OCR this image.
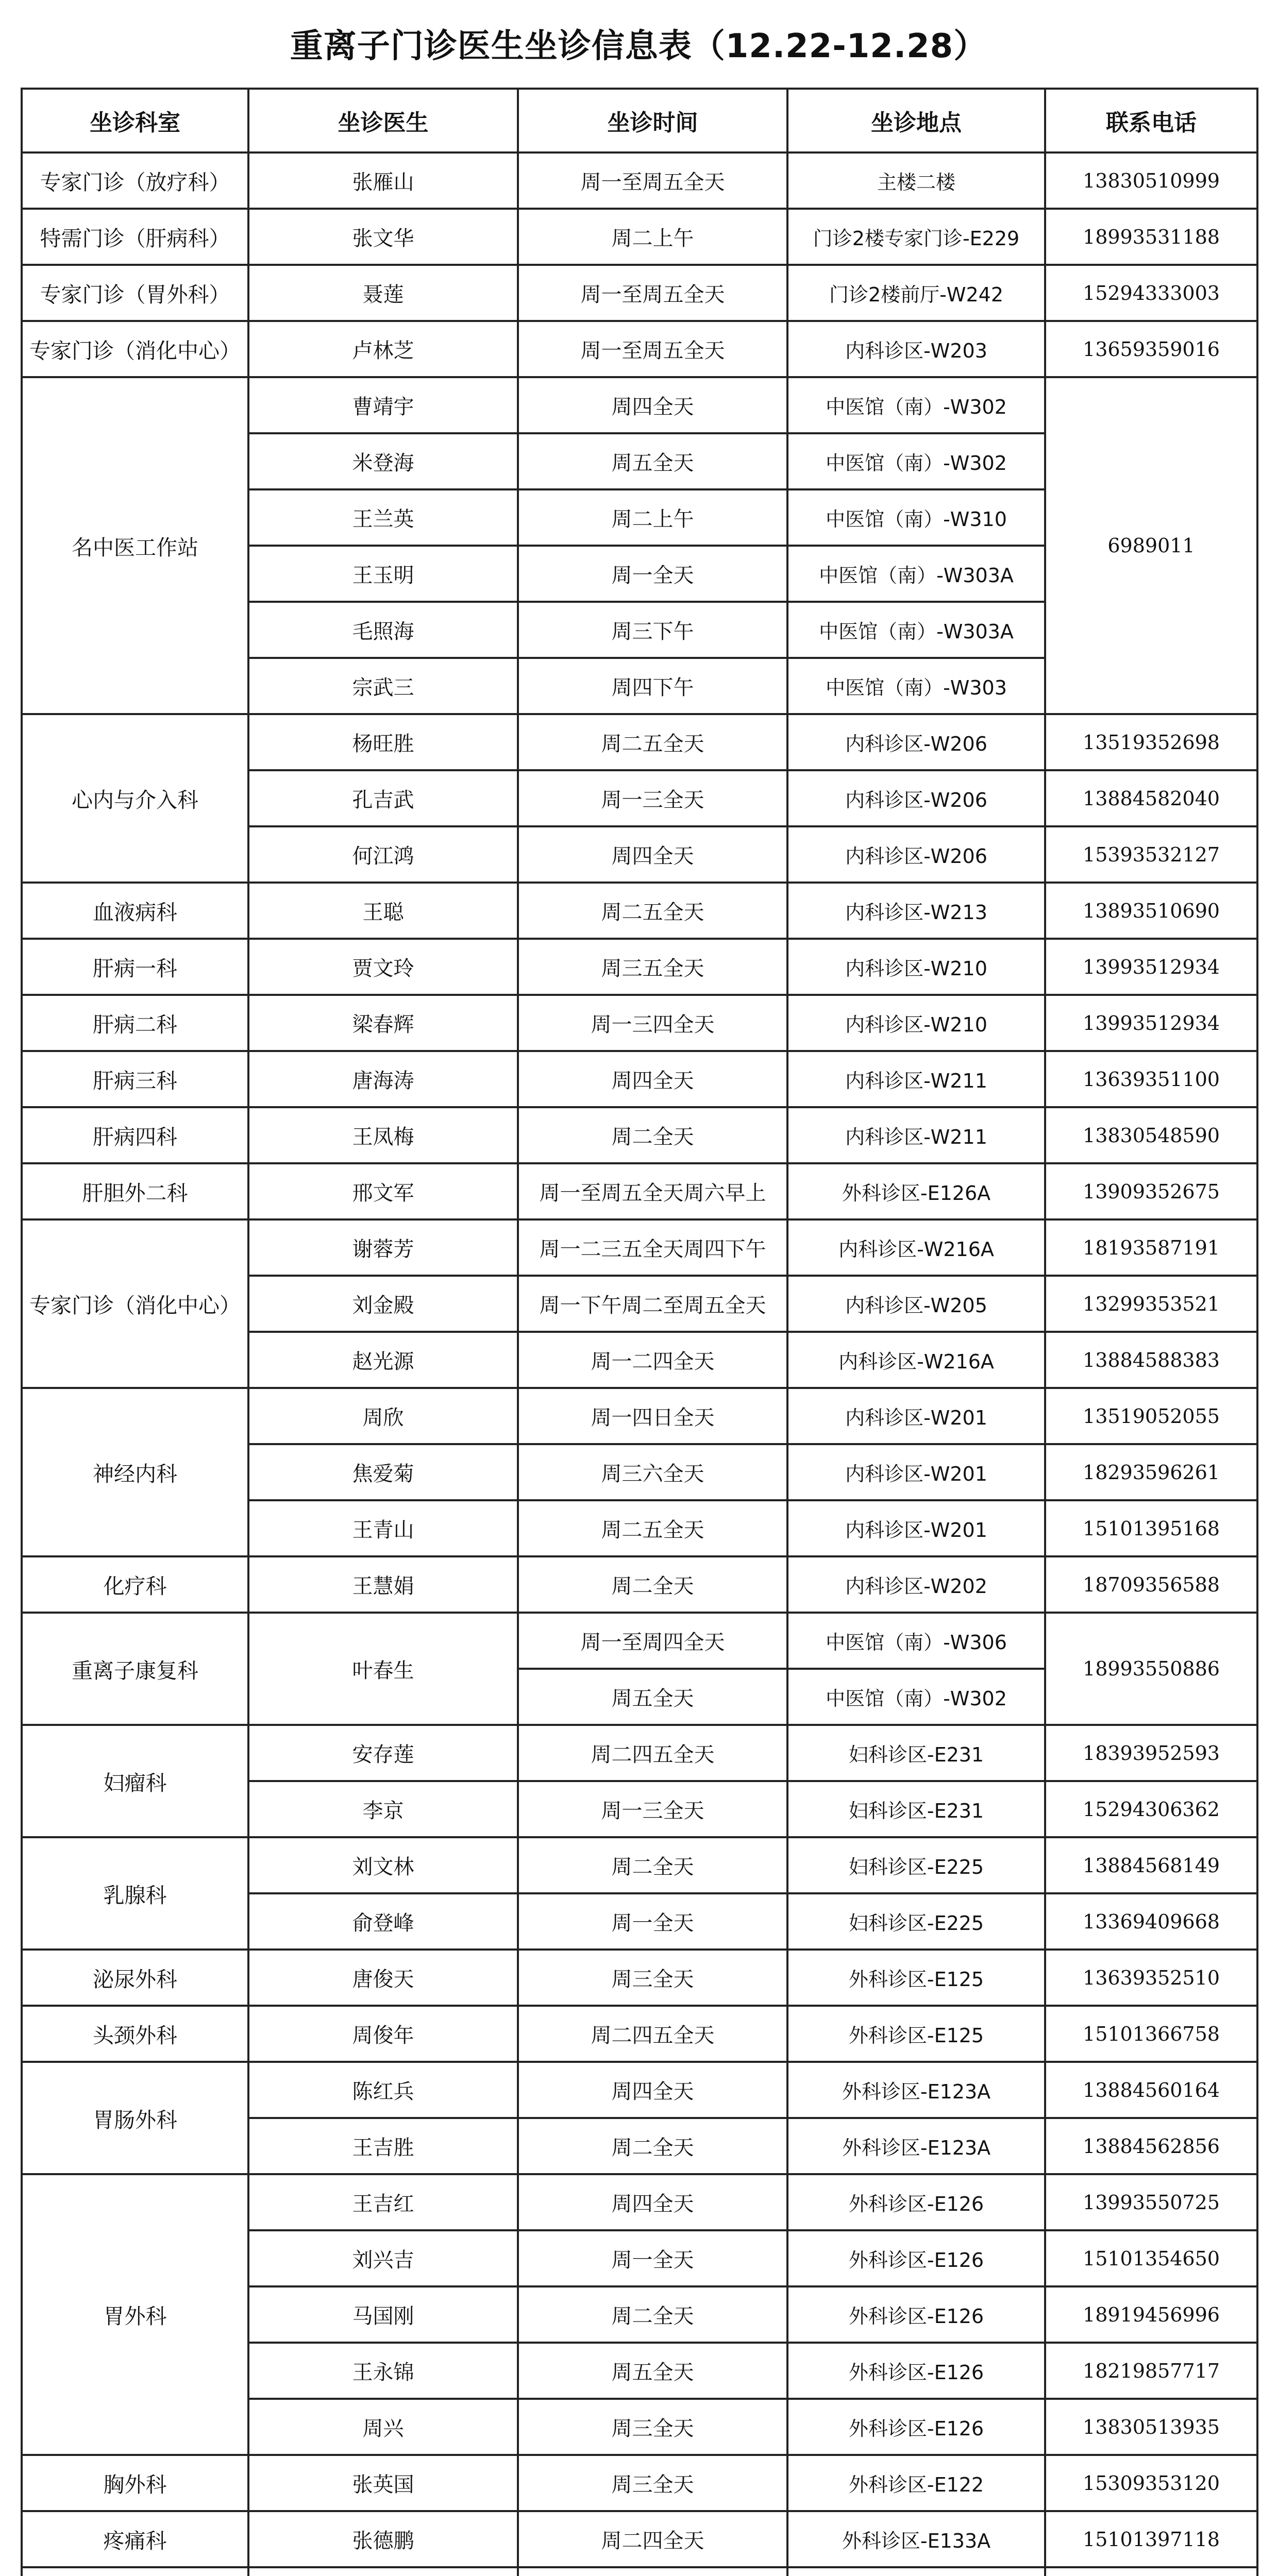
重离子门诊医生坐诊信息表（12.22-12.28）
坐诊科室	坐诊医生	坐诊时间	坐诊地点	联系电话
专家门诊（放疗科）	张雁山	周一至周五全天	主楼二楼	13830510999
特需门诊（肝病科）	张文华	周二上午	门诊2楼专家门诊-E229	18993531188
专家门诊（胃外科）	聂莲	周一至周五全天	门诊2楼前厅-W242	15294333003
专家门诊（消化中心）	卢林芝	周一至周五全天	内科诊区-W203	13659359016
名中医工作站	曹靖宇	周四全天	中医馆（南）-W302	6989011
	米登海	周五全天	中医馆（南）-W302	
	王兰英	周二上午	中医馆（南）-W310	
	王玉明	周一全天	中医馆（南）-W303A	
	毛照海	周三下午	中医馆（南）-W303A	
	宗武三	周四下午	中医馆（南）-W303	
心内与介入科	杨旺胜	周二五全天	内科诊区-W206	13519352698
	孔吉武	周一三全天	内科诊区-W206	13884582040
	何江鸿	周四全天	内科诊区-W206	15393532127
血液病科	王聪	周二五全天	内科诊区-W213	13893510690
肝病一科	贾文玲	周三五全天	内科诊区-W210	13993512934
肝病二科	梁春辉	周一三四全天	内科诊区-W210	13993512934
肝病三科	唐海涛	周四全天	内科诊区-W211	13639351100
肝病四科	王凤梅	周二全天	内科诊区-W211	13830548590
肝胆外二科	邢文军	周一至周五全天周六早上	外科诊区-E126A	13909352675
专家门诊（消化中心）	谢蓉芳	周一二三五全天周四下午	内科诊区-W216A	18193587191
	刘金殿	周一下午周二至周五全天	内科诊区-W205	13299353521
	赵光源	周一二四全天	内科诊区-W216A	13884588383
神经内科	周欣	周一四日全天	内科诊区-W201	13519052055
	焦爱菊	周三六全天	内科诊区-W201	18293596261
	王青山	周二五全天	内科诊区-W201	15101395168
化疗科	王慧娟	周二全天	内科诊区-W202	18709356588
重离子康复科	叶春生	周一至周四全天	中医馆（南）-W306	18993550886
		周五全天	中医馆（南）-W302	
妇瘤科	安存莲	周二四五全天	妇科诊区-E231	18393952593
	李京	周一三全天	妇科诊区-E231	15294306362
乳腺科	刘文林	周二全天	妇科诊区-E225	13884568149
	俞登峰	周一全天	妇科诊区-E225	13369409668
泌尿外科	唐俊天	周三全天	外科诊区-E125	13639352510
头颈外科	周俊年	周二四五全天	外科诊区-E125	15101366758
胃肠外科	陈红兵	周四全天	外科诊区-E123A	13884560164
	王吉胜	周二全天	外科诊区-E123A	13884562856
胃外科	王吉红	周四全天	外科诊区-E126	13993550725
	刘兴吉	周一全天	外科诊区-E126	15101354650
	马国刚	周二全天	外科诊区-E126	18919456996
	王永锦	周五全天	外科诊区-E126	18219857717
	周兴	周三全天	外科诊区-E126	13830513935
胸外科	张英国	周三全天	外科诊区-E122	15309353120
疼痛科	张德鹏	周二四全天	外科诊区-E133A	15101397118
